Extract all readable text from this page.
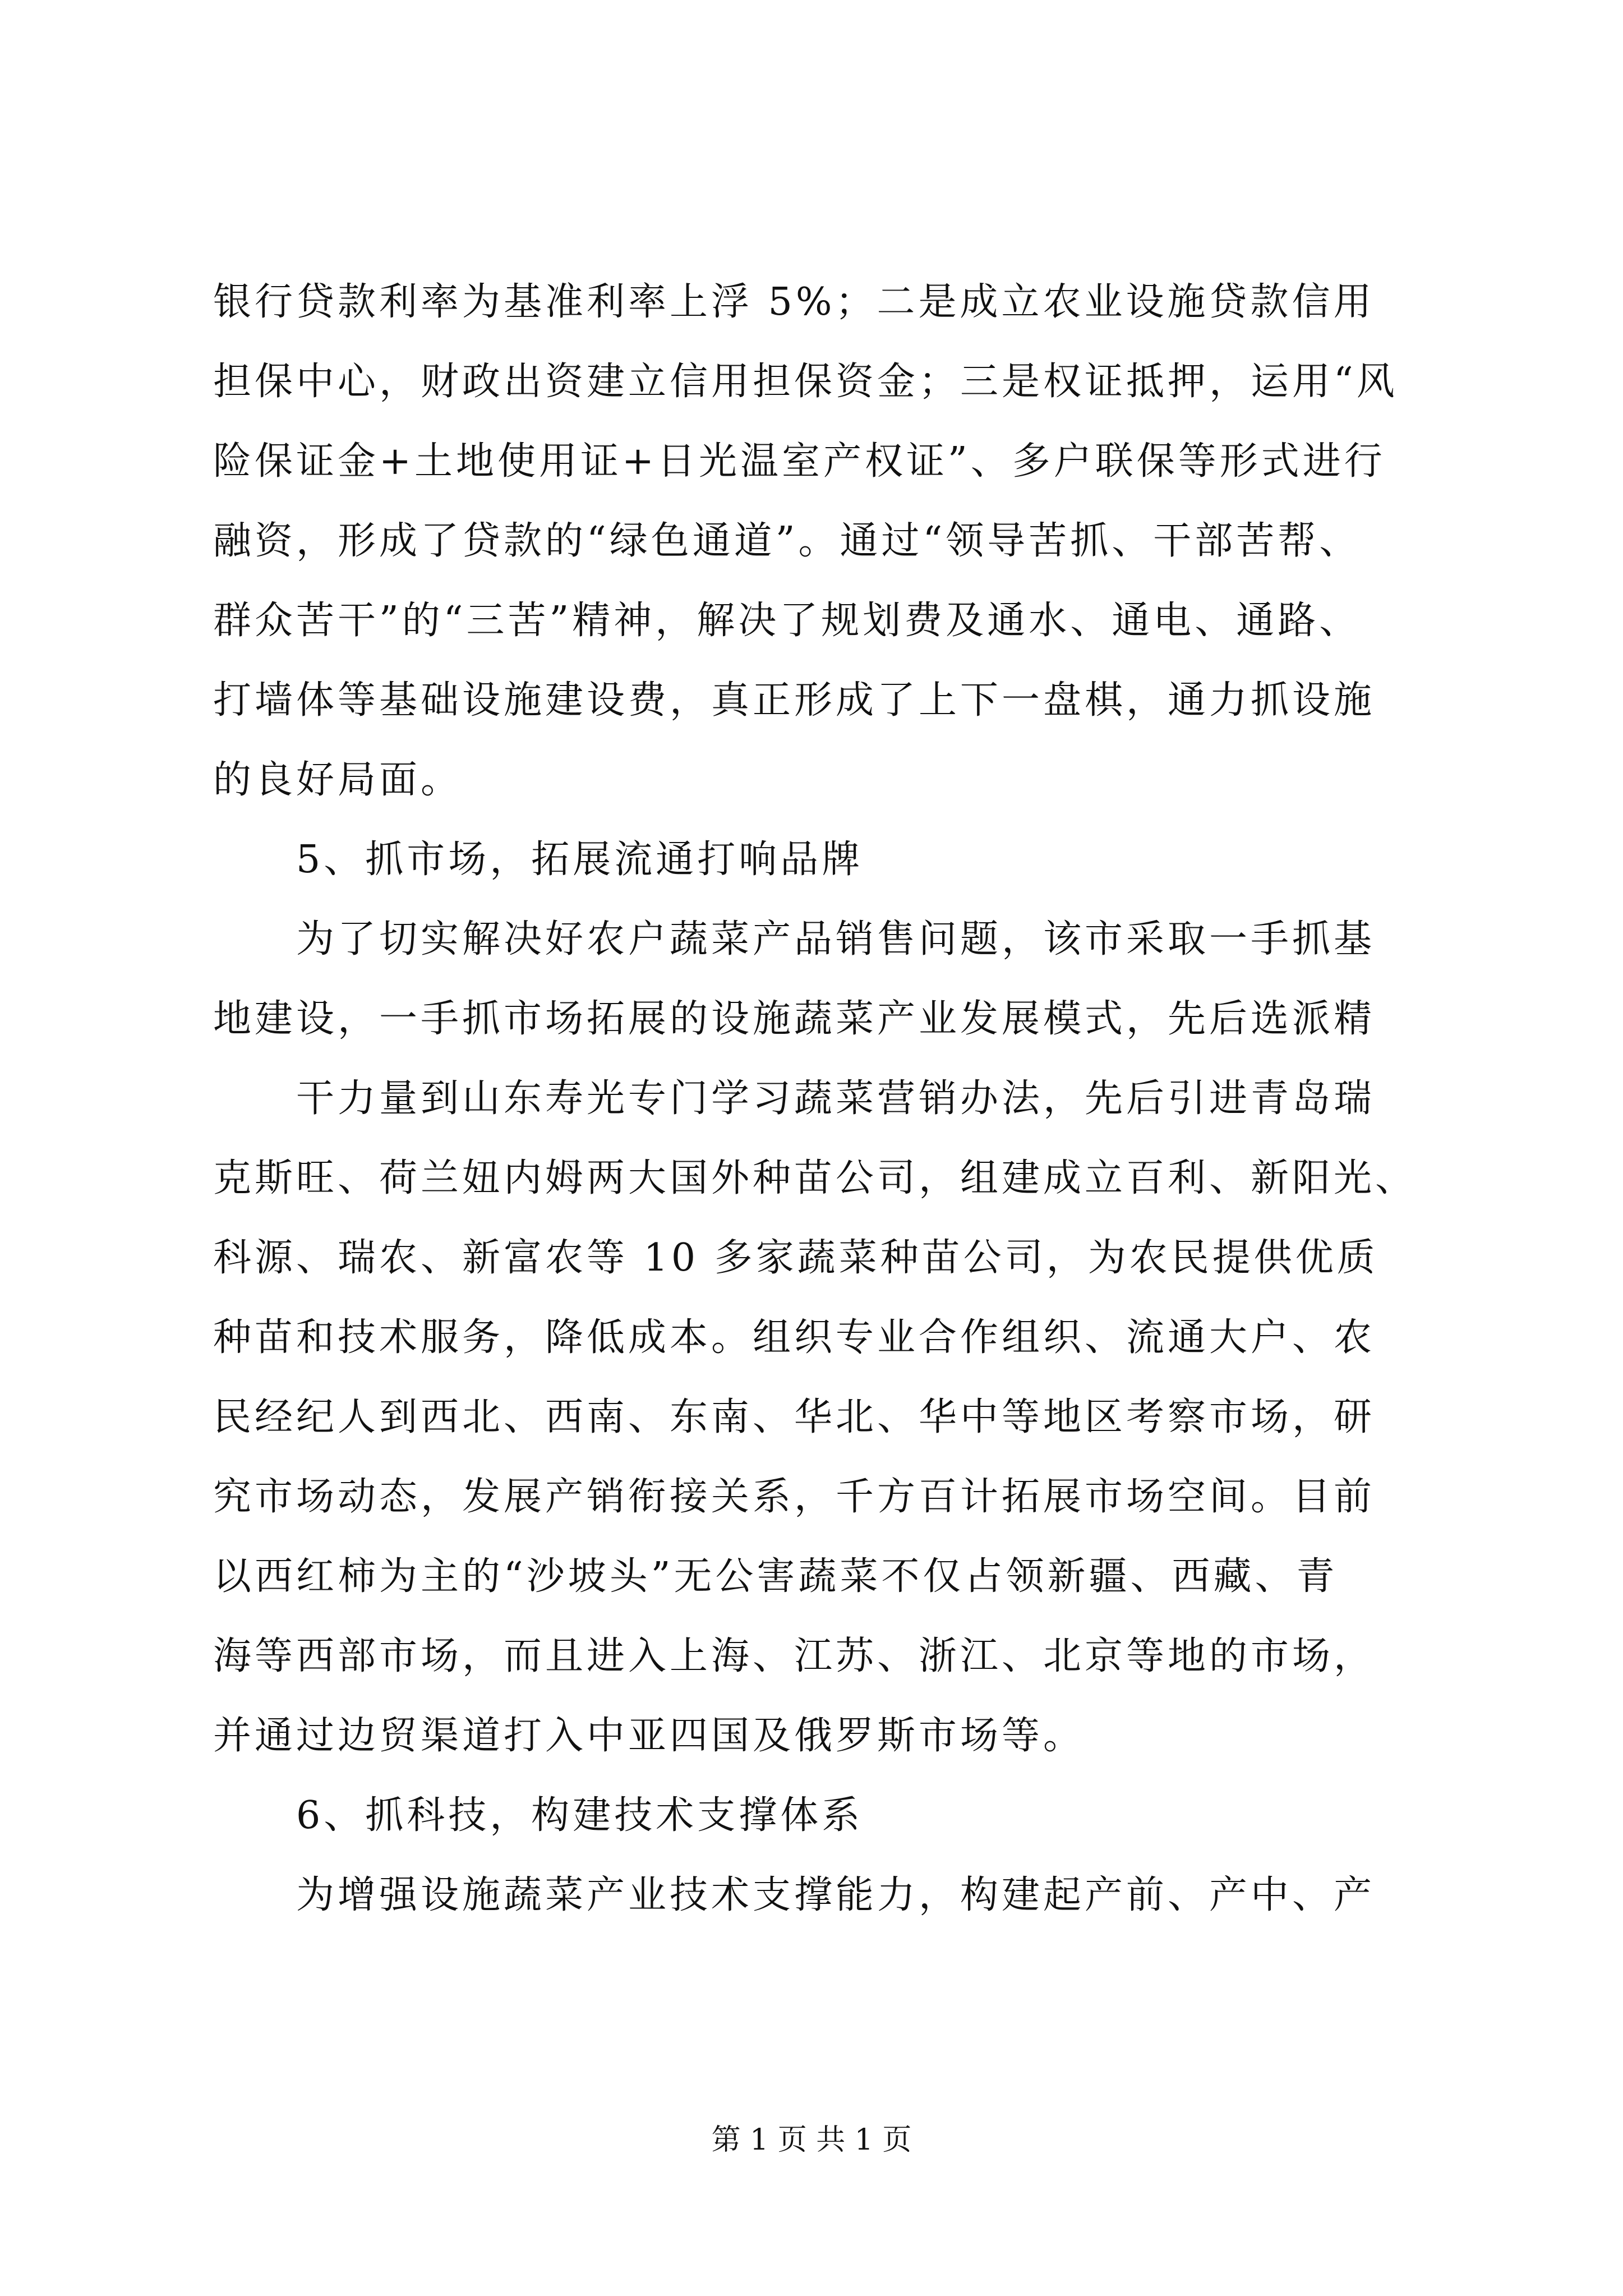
银行贷款利率为基准利率上浮 5%；二是成立农业设施贷款信用
担保中心，财政出资建立信用担保资金；三是权证抵押，运用“风
险保证金+土地使用证+日光温室产权证”、多户联保等形式进行
融资，形成了贷款的“绿色通道”。通过“领导苦抓、干部苦帮、
群众苦干”的“三苦”精神，解决了规划费及通水、通电、通路、
打墙体等基础设施建设费，真正形成了上下一盘棋，通力抓设施
的良好局面。
5、抓市场，拓展流通打响品牌
为了切实解决好农户蔬菜产品销售问题，该市采取一手抓基
地建设，一手抓市场拓展的设施蔬菜产业发展模式，先后选派精
干力量到山东寿光专门学习蔬菜营销办法，先后引进青岛瑞
克斯旺、荷兰妞内姆两大国外种苗公司，组建成立百利、新阳光、
科源、瑞农、新富农等 10 多家蔬菜种苗公司，为农民提供优质
种苗和技术服务，降低成本。组织专业合作组织、流通大户、农
民经纪人到西北、西南、东南、华北、华中等地区考察市场，研
究市场动态，发展产销衔接关系，千方百计拓展市场空间。目前
以西红柿为主的“沙坡头”无公害蔬菜不仅占领新疆、西藏、青
海等西部市场，而且进入上海、江苏、浙江、北京等地的市场，
并通过边贸渠道打入中亚四国及俄罗斯市场等。
6、抓科技，构建技术支撑体系
为增强设施蔬菜产业技术支撑能力，构建起产前、产中、产
第 1 页 共 1 页
